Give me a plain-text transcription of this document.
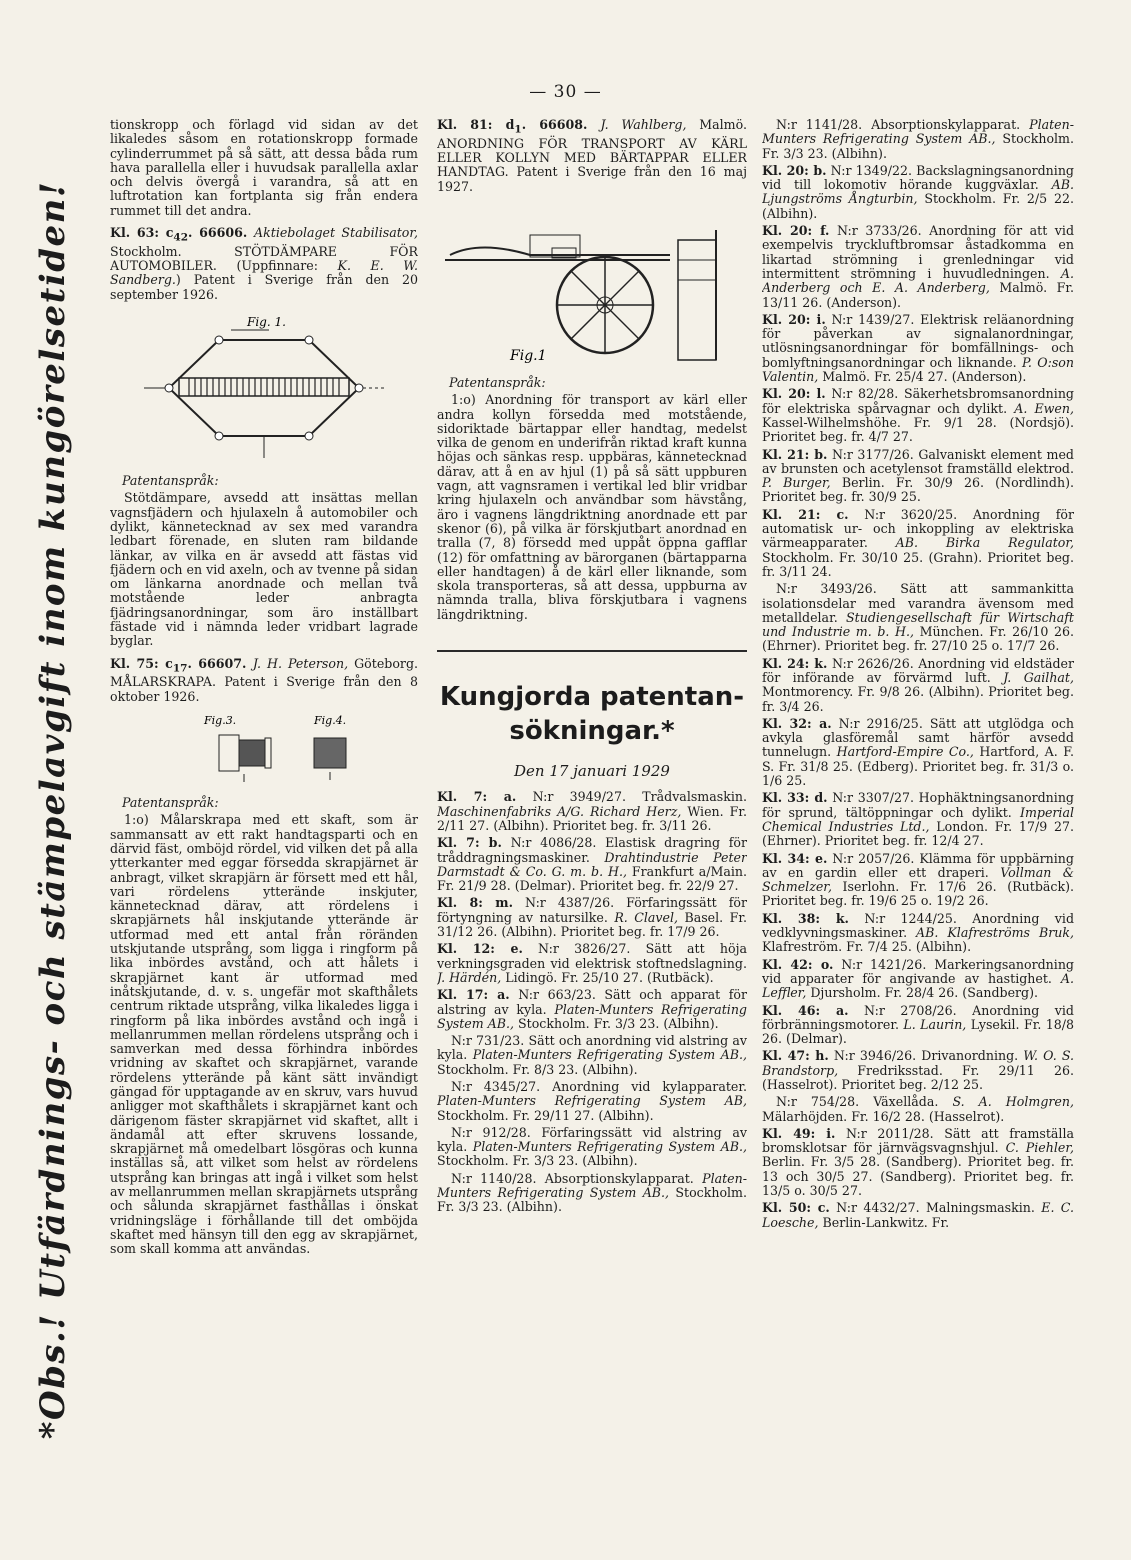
— 30 —
*Obs.! Utfärdnings- och stämpelavgift inom kungörelsetiden!

tionskropp och förlagd vid sidan av det likaledes såsom en rotationskropp formade cylinderrummet på så sätt, att dessa båda rum hava parallella eller i huvudsak parallella axlar och delvis övergå i varandra, så att en luftrotation kan fortplanta sig från endera rummet till det andra.

Kl. 63: $c_{42}$. 66606. Aktiebolaget Stabilisator, Stockholm. STÖTDÄMPARE FÖR AUTOMOBILER. (Uppfinnare: K. E. W. Sandberg.) Patent i Sverige från den 20 september 1926.

Fig. 1.
Patentanspråk:

Stötdämpare, avsedd att insättas mellan vagnsfjädern och hjulaxeln å automobiler och dylikt, kännetecknad av sex med varandra ledbart förenade, en sluten ram bildande länkar, av vilka en är avsedd att fästas vid fjädern och en vid axeln, och av tvenne på sidan om länkarna anordnade och mellan två motstående leder anbragta fjädringsanordningar, som äro inställbart fästade vid i nämnda leder vridbart lagrade byglar.

Kl. 75: $c_{17}$. 66607. J. H. Peterson, Göteborg. MÅLARSKRAPA. Patent i Sverige från den 8 oktober 1926.

Fig.3.	Fig.4.
Patentanspråk:

1:o) Målarskrapa med ett skaft, som är sammansatt av ett rakt handtagsparti och en därvid fäst, omböjd rördel, vid vilken det på alla ytterkanter med eggar försedda skrapjärnet är anbragt, vilket skrapjärn är försett med ett hål, vari rördelens ytterände inskjuter, kännetecknad därav, att rördelens i skrapjärnets hål inskjutande ytterände är utformad med ett antal från röränden utskjutande utsprång, som ligga i ringform på lika inbördes avstånd, och att hålets i skrapjärnet kant är utformad med inåtskjutande, d. v. s. ungefär mot skafthålets centrum riktade utsprång, vilka likaledes ligga i ringform på lika inbördes avstånd och ingå i mellanrummen mellan rördelens utsprång och i samverkan med dessa förhindra inbördes vridning av skaftet och skrapjärnet, varande rördelens ytterände på känt sätt invändigt gängad för upptagande av en skruv, vars huvud anligger mot skafthålets i skrapjärnet kant och därigenom fäster skrapjärnet vid skaftet, allt i ändamål att efter skruvens lossande, skrapjärnet må omedelbart lösgöras och kunna inställas så, att vilket som helst av rördelens utsprång kan bringas att ingå i vilket som helst av mellanrummen mellan skrapjärnets utsprång och sålunda skrapjärnet fasthållas i önskat vridningsläge i förhållande till det omböjda skaftet med hänsyn till den egg av skrapjärnet, som skall komma att användas.

Kl. 81: $d_1$. 66608. J. Wahlberg, Malmö. ANORDNING FÖR TRANSPORT AV KÄRL ELLER KOLLYN MED BÄRTAPPAR ELLER HANDTAG. Patent i Sverige från den 16 maj 1927.

Fig.1
Patentanspråk:

1:o) Anordning för transport av kärl eller andra kollyn försedda med motstående, sidoriktade bärtappar eller handtag, medelst vilka de genom en underifrån riktad kraft kunna höjas och sänkas resp. uppbäras, kännetecknad därav, att å en av hjul (1) på så sätt uppburen vagn, att vagnsramen i vertikal led blir vridbar kring hjulaxeln och användbar som hävstång, äro i vagnens längdriktning anordnade ett par skenor (6), på vilka är förskjutbart anordnad en tralla (7, 8) försedd med uppåt öppna gafflar (12) för omfattning av bärorganen (bärtapparna eller handtagen) å de kärl eller liknande, som skola transporteras, så att dessa, uppburna av nämnda tralla, bliva förskjutbara i vagnens längdriktning.

Kungjorda patentan-
sökningar.*
Den 17 januari 1929

Kl. 7: a. N:r 3949/27. Trådvalsmaskin. Maschinenfabriks A/G. Richard Herz, Wien. Fr. 2/11 27. (Albihn). Prioritet beg. fr. 3/11 26.

Kl. 7: b. N:r 4086/28. Elastisk dragring för tråddragningsmaskiner. Drahtindustrie Peter Darmstadt & Co. G. m. b. H., Frankfurt a/Main. Fr. 21/9 28. (Delmar). Prioritet beg. fr. 22/9 27.

Kl. 8: m. N:r 4387/26. Förfaringssätt för förtyngning av natursilke. R. Clavel, Basel. Fr. 31/12 26. (Albihn). Prioritet beg. fr. 17/9 26.

Kl. 12: e. N:r 3826/27. Sätt att höja verkningsgraden vid elektrisk stoftnedslagning. J. Härdén, Lidingö. Fr. 25/10 27. (Rutbäck).

Kl. 17: a. N:r 663/23. Sätt och apparat för alstring av kyla. Platen-Munters Refrigerating System AB., Stockholm. Fr. 3/3 23. (Albihn).

N:r 731/23. Sätt och anordning vid alstring av kyla. Platen-Munters Refrigerating System AB., Stockholm. Fr. 8/3 23. (Albihn).

N:r 4345/27. Anordning vid kylapparater. Platen-Munters Refrigerating System AB, Stockholm. Fr. 29/11 27. (Albihn).

N:r 912/28. Förfaringssätt vid alstring av kyla. Platen-Munters Refrigerating System AB., Stockholm. Fr. 3/3 23. (Albihn).

N:r 1140/28. Absorptionskylapparat. Platen-Munters Refrigerating System AB., Stockholm. Fr. 3/3 23. (Albihn).

N:r 1141/28. Absorptionskylapparat. Platen-Munters Refrigerating System AB., Stockholm. Fr. 3/3 23. (Albihn).

Kl. 20: b. N:r 1349/22. Backslagningsanordning vid till lokomotiv hörande kuggväxlar. AB. Ljungströms Ångturbin, Stockholm. Fr. 2/5 22. (Albihn).

Kl. 20: f. N:r 3733/26. Anordning för att vid exempelvis tryckluftbromsar åstadkomma en likartad strömning i grenledningar vid intermittent strömning i huvudledningen. A. Anderberg och E. A. Anderberg, Malmö. Fr. 13/11 26. (Anderson).

Kl. 20: i. N:r 1439/27. Elektrisk reläanordning för påverkan av signalanordningar, utlösningsanordningar för bomfällnings- och bomlyftningsanordningar och liknande. P. O:son Valentin, Malmö. Fr. 25/4 27. (Anderson).

Kl. 20: l. N:r 82/28. Säkerhetsbromsanordning för elektriska spårvagnar och dylikt. A. Ewen, Kassel-Wilhelmshöhe. Fr. 9/1 28. (Nordsjö). Prioritet beg. fr. 4/7 27.

Kl. 21: b. N:r 3177/26. Galvaniskt element med av brunsten och acetylensot framställd elektrod. P. Burger, Berlin. Fr. 30/9 26. (Nordlindh). Prioritet beg. fr. 30/9 25.

Kl. 21: c. N:r 3620/25. Anordning för automatisk ur- och inkoppling av elektriska värmeapparater. AB. Birka Regulator, Stockholm. Fr. 30/10 25. (Grahn). Prioritet beg. fr. 3/11 24.

N:r 3493/26. Sätt att sammankitta isolationsdelar med varandra ävensom med metalldelar. Studiengesellschaft für Wirtschaft und Industrie m. b. H., München. Fr. 26/10 26. (Ehrner). Prioritet beg. fr. 27/10 25 o. 17/7 26.

Kl. 24: k. N:r 2626/26. Anordning vid eldstäder för införande av förvärmd luft. J. Gailhat, Montmorency. Fr. 9/8 26. (Albihn). Prioritet beg. fr. 3/4 26.

Kl. 32: a. N:r 2916/25. Sätt att utglödga och avkyla glasföremål samt härför avsedd tunnelugn. Hartford-Empire Co., Hartford, A. F. S. Fr. 31/8 25. (Edberg). Prioritet beg. fr. 31/3 o. 1/6 25.

Kl. 33: d. N:r 3307/27. Hophäktningsanordning för sprund, tältöppningar och dylikt. Imperial Chemical Industries Ltd., London. Fr. 17/9 27. (Ehrner). Prioritet beg. fr. 12/4 27.

Kl. 34: e. N:r 2057/26. Klämma för uppbärning av en gardin eller ett draperi. Vollman & Schmelzer, Iserlohn. Fr. 17/6 26. (Rutbäck). Prioritet beg. fr. 19/6 25 o. 19/2 26.

Kl. 38: k. N:r 1244/25. Anordning vid vedklyvningsmaskiner. AB. Klafreströms Bruk, Klafreström. Fr. 7/4 25. (Albihn).

Kl. 42: o. N:r 1421/26. Markeringsanordning vid apparater för angivande av hastighet. A. Leffler, Djursholm. Fr. 28/4 26. (Sandberg).

Kl. 46: a. N:r 2708/26. Anordning vid förbränningsmotorer. L. Laurin, Lysekil. Fr. 18/8 26. (Delmar).

Kl. 47: h. N:r 3946/26. Drivanordning. W. O. S. Brandstorp, Fredriksstad. Fr. 29/11 26. (Hasselrot). Prioritet beg. 2/12 25.

N:r 754/28. Växellåda. S. A. Holmgren, Mälarhöjden. Fr. 16/2 28. (Hasselrot).

Kl. 49: i. N:r 2011/28. Sätt att framställa bromsklotsar för järnvägsvagnshjul. C. Piehler, Berlin. Fr. 3/5 28. (Sandberg). Prioritet beg. fr. 13 och 30/5 27. (Sandberg). Prioritet beg. fr. 13/5 o. 30/5 27.

Kl. 50: c. N:r 4432/27. Malningsmaskin. E. C. Loesche, Berlin-Lankwitz. Fr.
